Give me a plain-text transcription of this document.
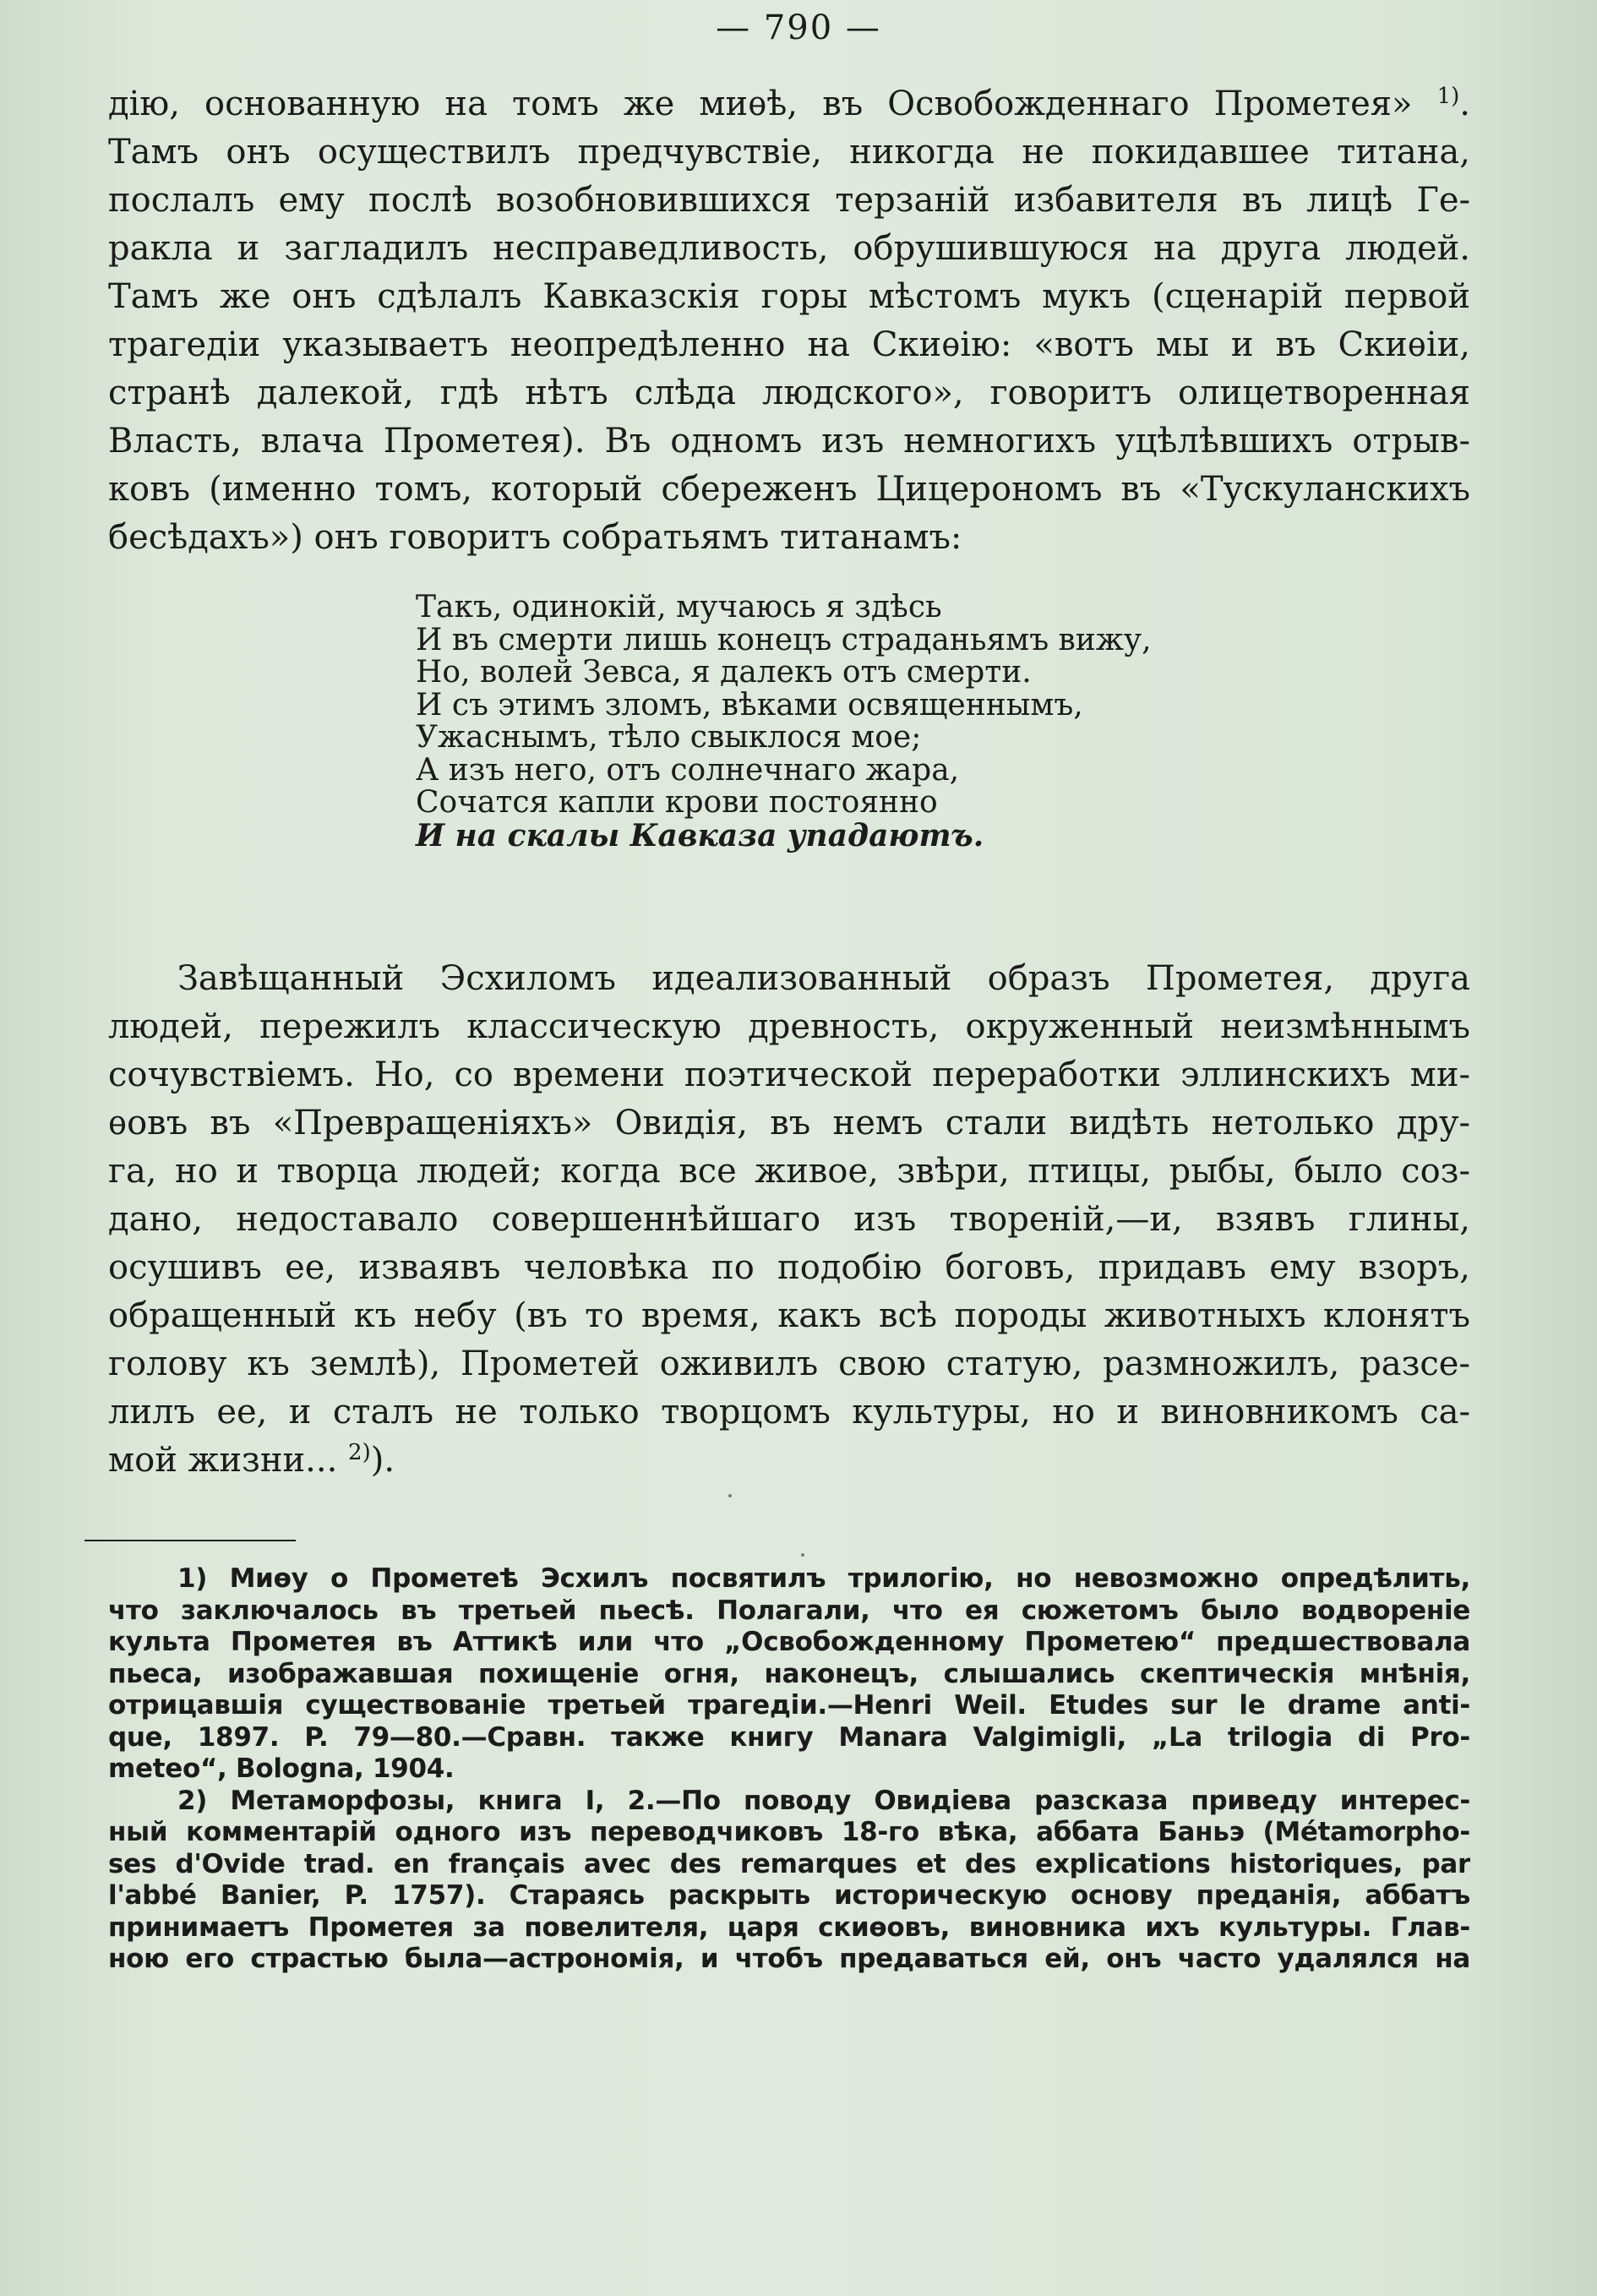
— 790 —
дію, основанную на томъ же миѳѣ, въ Освобожденнаго Прометея» $^{1)}$.
Тамъ онъ осуществилъ предчувствіе, никогда не покидавшее титана,
послалъ ему послѣ возобновившихся терзаній избавителя въ лицѣ Ге-
ракла и загладилъ несправедливость, обрушившуюся на друга людей.
Тамъ же онъ сдѣлалъ Кавказскія горы мѣстомъ мукъ (сценарій первой
трагедіи указываетъ неопредѣленно на Скиѳію: «вотъ мы и въ Скиѳіи,
странѣ далекой, гдѣ нѣтъ слѣда людского», говоритъ олицетворенная
Власть, влача Прометея). Въ одномъ изъ немногихъ уцѣлѣвшихъ отрыв-
ковъ (именно томъ, который сбереженъ Цицерономъ въ «Тускуланскихъ
бесѣдахъ») онъ говоритъ собратьямъ титанамъ:
Такъ, одинокій, мучаюсь я здѣсь
И въ смерти лишь конецъ страданьямъ вижу,
Но, волей Зевса, я далекъ отъ смерти.
И съ этимъ зломъ, вѣками освященнымъ,
Ужаснымъ, тѣло свыклося мое;
А изъ него, отъ солнечнаго жара,
Сочатся капли крови постоянно
И на скалы Кавказа упадаютъ.
Завѣщанный Эсхиломъ идеализованный образъ Прометея, друга
людей, пережилъ классическую древность, окруженный неизмѣннымъ
сочувствіемъ. Но, со времени поэтической переработки эллинскихъ ми-
ѳовъ въ «Превращеніяхъ» Овидія, въ немъ стали видѣть нетолько дру-
га, но и творца людей; когда все живое, звѣри, птицы, рыбы, было соз-
дано, недоставало совершеннѣйшаго изъ твореній,—и, взявъ глины,
осушивъ ее, изваявъ человѣка по подобію боговъ, придавъ ему взоръ,
обращенный къ небу (въ то время, какъ всѣ породы животныхъ клонятъ
голову къ землѣ), Прометей оживилъ свою статую, размножилъ, разсе-
лилъ ее, и сталъ не только творцомъ культуры, но и виновникомъ са-
мой жизни... $^{2)}$).
1) Миѳу о Прометеѣ Эсхилъ посвятилъ трилогію, но невозможно опредѣлить,
что заключалось въ третьей пьесѣ. Полагали, что ея сюжетомъ было водвореніе
культа Прометея въ Аттикѣ или что „Освобожденному Прометею“ предшествовала
пьеса, изображавшая похищеніе огня, наконецъ, слышались скептическія мнѣнія,
отрицавшія существованіе третьей трагедіи.—Henri Weil. Etudes sur le drame anti-
que, 1897. P. 79—80.—Сравн. также книгу Manara Valgimigli, „La trilogia di Pro-
meteo“, Bologna, 1904.
2) Метаморфозы, книга I, 2.—По поводу Овидіева разсказа приведу интерес-
ный комментарій одного изъ переводчиковъ 18-го вѣка, аббата Баньэ (Métamorpho-
ses d'Ovide trad. en français avec des remarques et des explications historiques, par
l'abbé Banier, P. 1757). Стараясь раскрыть историческую основу преданія, аббатъ
принимаетъ Прометея за повелителя, царя скиѳовъ, виновника ихъ культуры. Глав-
ною его страстью была—астрономія, и чтобъ предаваться ей, онъ часто удалялся на
